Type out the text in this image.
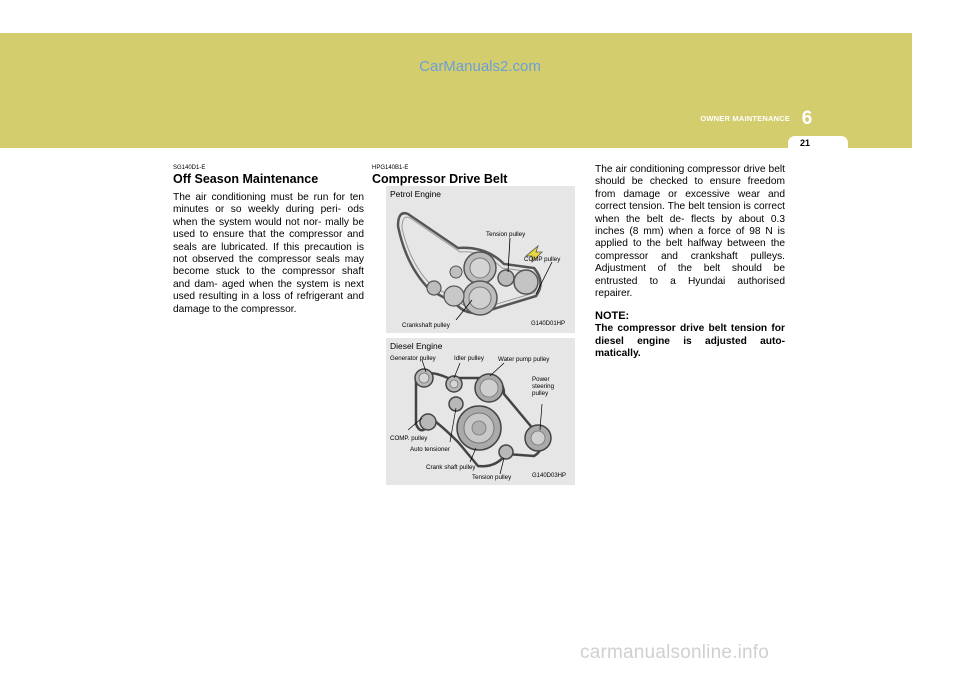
CarManuals2.com
OWNER MAINTENANCE 6
21
SG140D1-E
Off Season Maintenance

The air conditioning must be run for ten minutes or so weekly during peri- ods when the system would not nor- mally be used to ensure that the compressor and seals are lubricated. If this precaution is not observed the compressor seals may become stuck to the compressor shaft and dam- aged when the system is next used resulting in a loss of refrigerant and damage to the compressor.

HPG140B1-E
Compressor Drive Belt
Petrol Engine
Tension pulley
COMP pulley
Crankshaft pulley	G140D01HP
Diesel Engine
Generator pulley	Idler pulley Water pump pulley
Power steering pulley
COMP. pulley
Auto tensioner
Crank shaft pulley
Tension pulley	G140D03HP

The air conditioning compressor drive belt should be checked to ensure freedom from damage or excessive wear and correct tension. The belt tension is correct when the belt de- flects by about 0.3 inches (8 mm) when a force of 98 N is applied to the belt halfway between the compressor and crankshaft pulleys. Adjustment of the belt should be entrusted to a Hyundai authorised repairer.

NOTE:

The compressor drive belt tension for diesel engine is adjusted auto- matically.

carmanualsonline.info
